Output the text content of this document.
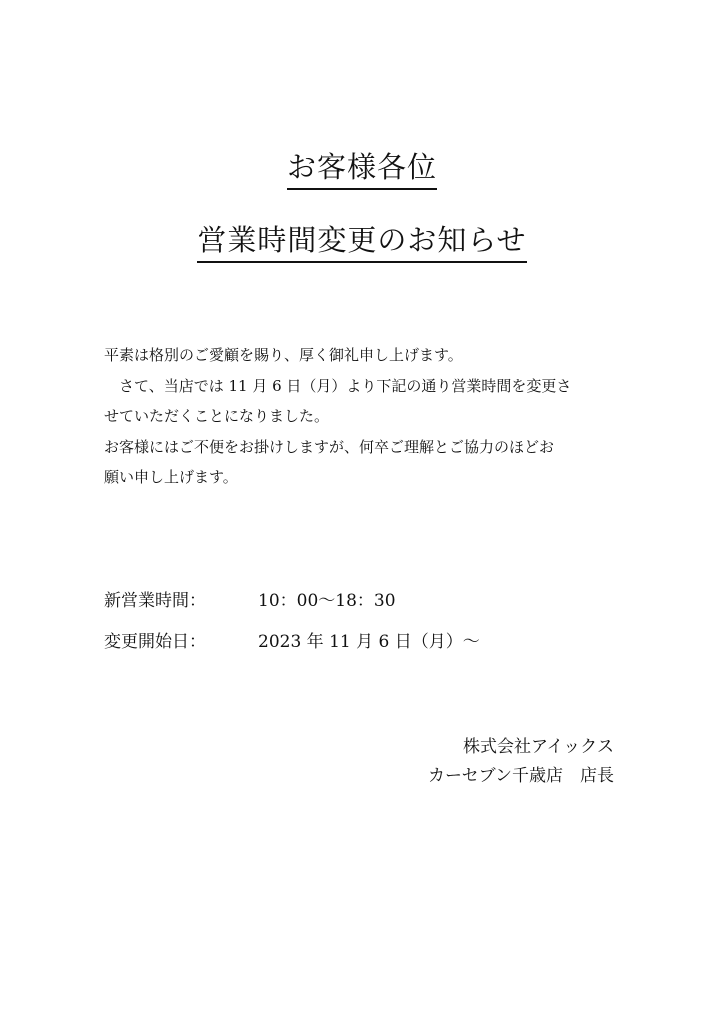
お客様各位
営業時間変更のお知らせ

平素は格別のご愛顧を賜り、厚く御礼申し上げます。

　さて、当店では 11 月 6 日（月）より下記の通り営業時間を変更さ

せていただくことになりました。

お客様にはご不便をお掛けしますが、何卒ご理解とご協力のほどお

願い申し上げます。

新営業時間：	10：00～18：30
変更開始日：	2023 年 11 月 6 日（月）～
株式会社アイックス
カーセブン千歳店　店長
